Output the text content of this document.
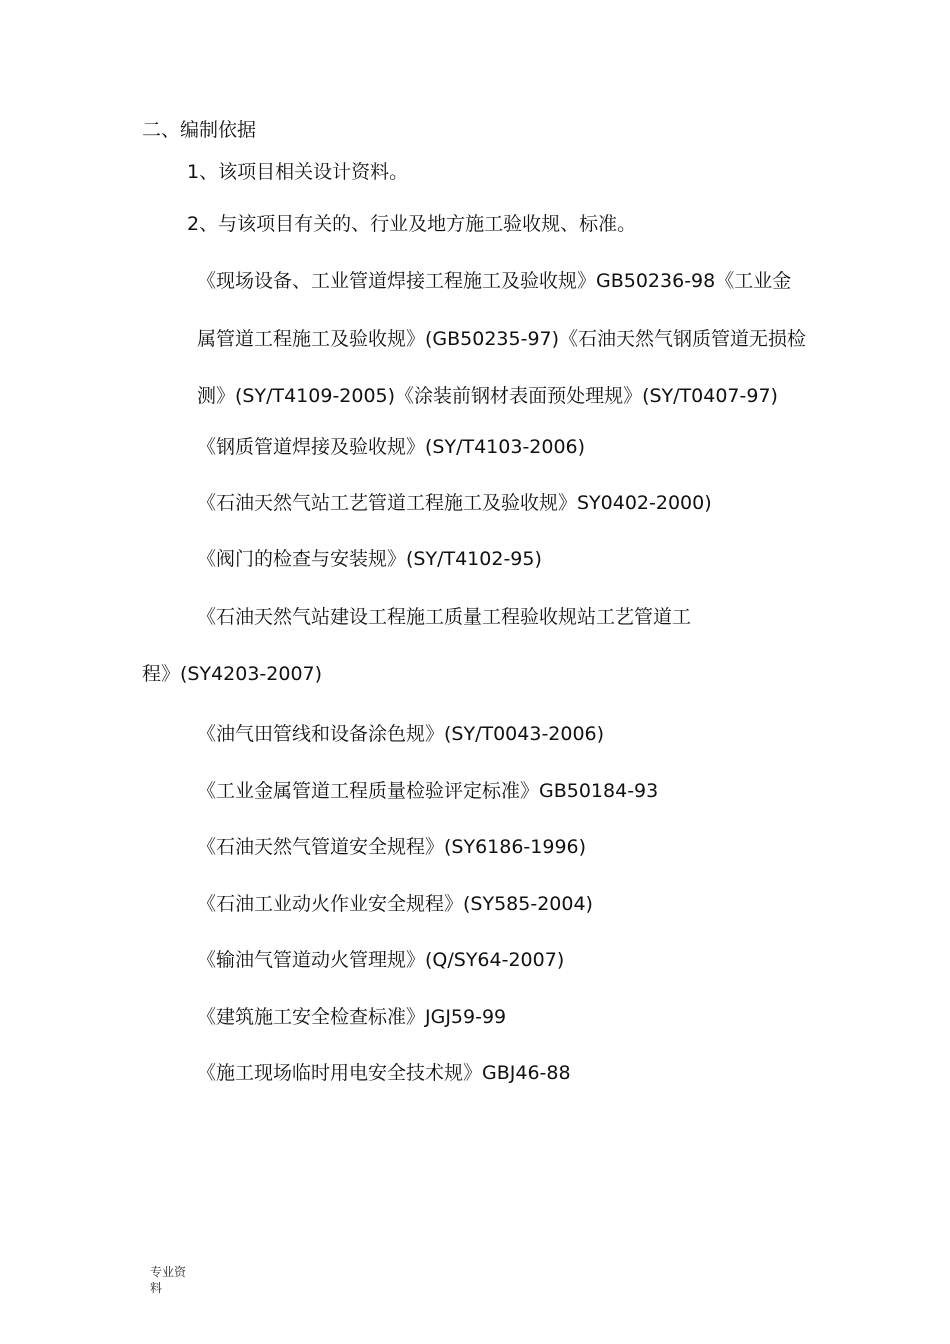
二、编制依据
1、该项目相关设计资料。
2、与该项目有关的、行业及地方施工验收规、标准。
《现场设备、工业管道焊接工程施工及验收规》GB50236-98《工业金
属管道工程施工及验收规》(GB50235-97)《石油天然气钢质管道无损检
测》(SY/T4109-2005)《涂装前钢材表面预处理规》(SY/T0407-97)
《钢质管道焊接及验收规》(SY/T4103-2006)
《石油天然气站工艺管道工程施工及验收规》SY0402-2000)
《阀门的检查与安装规》(SY/T4102-95)
《石油天然气站建设工程施工质量工程验收规站工艺管道工
程》(SY4203-2007)
《油气田管线和设备涂色规》(SY/T0043-2006)
《工业金属管道工程质量检验评定标准》GB50184-93
《石油天然气管道安全规程》(SY6186-1996)
《石油工业动火作业安全规程》(SY585-2004)
《输油气管道动火管理规》(Q/SY64-2007)
《建筑施工安全检查标准》JGJ59-99
《施工现场临时用电安全技术规》GBJ46-88
专业资
料
